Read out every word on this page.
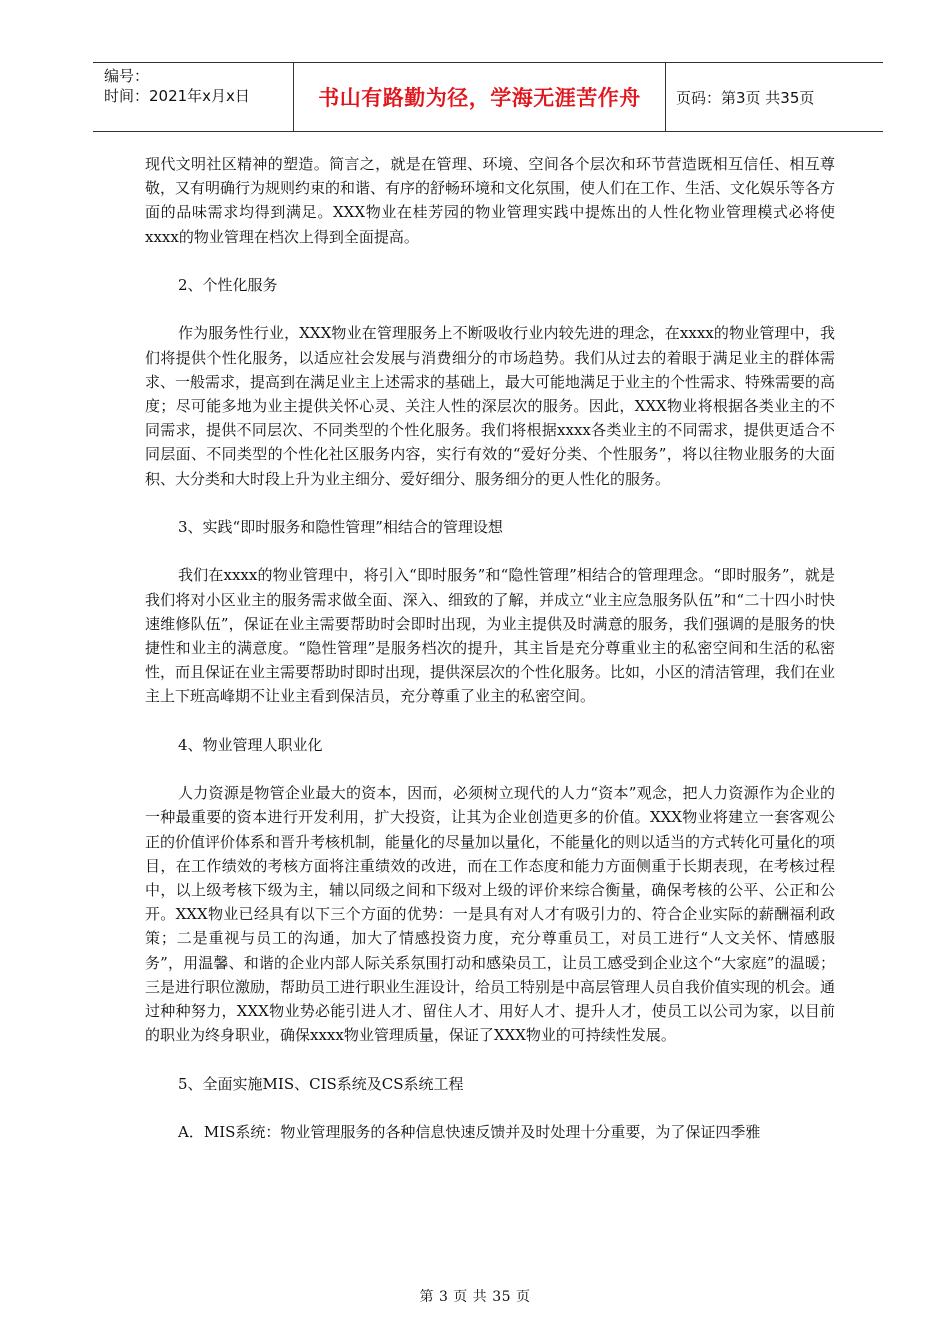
编号：
时间：2021年x月x日	书山有路勤为径，学海无涯苦作舟	页码：第3页 共35页

现代文明社区精神的塑造。简言之，就是在管理、环境、空间各个层次和环节营造既相互信任、相互尊敬，又有明确行为规则约束的和谐、有序的舒畅环境和文化氛围，使人们在工作、生活、文化娱乐等各方面的品味需求均得到满足。XXX物业在桂芳园的物业管理实践中提炼出的人性化物业管理模式必将使xxxx的物业管理在档次上得到全面提高。

2、个性化服务

作为服务性行业，XXX物业在管理服务上不断吸收行业内较先进的理念，在xxxx的物业管理中，我们将提供个性化服务，以适应社会发展与消费细分的市场趋势。我们从过去的着眼于满足业主的群体需求、一般需求，提高到在满足业主上述需求的基础上，最大可能地满足于业主的个性需求、特殊需要的高度；尽可能多地为业主提供关怀心灵、关注人性的深层次的服务。因此，XXX物业将根据各类业主的不同需求，提供不同层次、不同类型的个性化服务。我们将根据xxxx各类业主的不同需求，提供更适合不同层面、不同类型的个性化社区服务内容，实行有效的“爱好分类、个性服务”，将以往物业服务的大面积、大分类和大时段上升为业主细分、爱好细分、服务细分的更人性化的服务。

3、实践“即时服务和隐性管理”相结合的管理设想

我们在xxxx的物业管理中，将引入“即时服务”和“隐性管理”相结合的管理理念。“即时服务”，就是我们将对小区业主的服务需求做全面、深入、细致的了解，并成立“业主应急服务队伍”和“二十四小时快速维修队伍”，保证在业主需要帮助时会即时出现，为业主提供及时满意的服务，我们强调的是服务的快捷性和业主的满意度。“隐性管理”是服务档次的提升，其主旨是充分尊重业主的私密空间和生活的私密性，而且保证在业主需要帮助时即时出现，提供深层次的个性化服务。比如，小区的清洁管理，我们在业主上下班高峰期不让业主看到保洁员，充分尊重了业主的私密空间。

4、物业管理人职业化

人力资源是物管企业最大的资本，因而，必须树立现代的人力“资本”观念，把人力资源作为企业的一种最重要的资本进行开发利用，扩大投资，让其为企业创造更多的价值。XXX物业将建立一套客观公正的价值评价体系和晋升考核机制，能量化的尽量加以量化，不能量化的则以适当的方式转化可量化的项目，在工作绩效的考核方面将注重绩效的改进，而在工作态度和能力方面侧重于长期表现，在考核过程中，以上级考核下级为主，辅以同级之间和下级对上级的评价来综合衡量，确保考核的公平、公正和公开。XXX物业已经具有以下三个方面的优势：一是具有对人才有吸引力的、符合企业实际的薪酬福利政策；二是重视与员工的沟通，加大了情感投资力度，充分尊重员工，对员工进行“人文关怀、情感服务”，用温馨、和谐的企业内部人际关系氛围打动和感染员工，让员工感受到企业这个“大家庭”的温暖；三是进行职位激励，帮助员工进行职业生涯设计，给员工特别是中高层管理人员自我价值实现的机会。通过种种努力，XXX物业势必能引进人才、留住人才、用好人才、提升人才，使员工以公司为家，以目前的职业为终身职业，确保xxxx物业管理质量，保证了XXX物业的可持续性发展。

5、全面实施MIS、CIS系统及CS系统工程

A．MIS系统：物业管理服务的各种信息快速反馈并及时处理十分重要，为了保证四季雅

第 3 页 共 35 页
